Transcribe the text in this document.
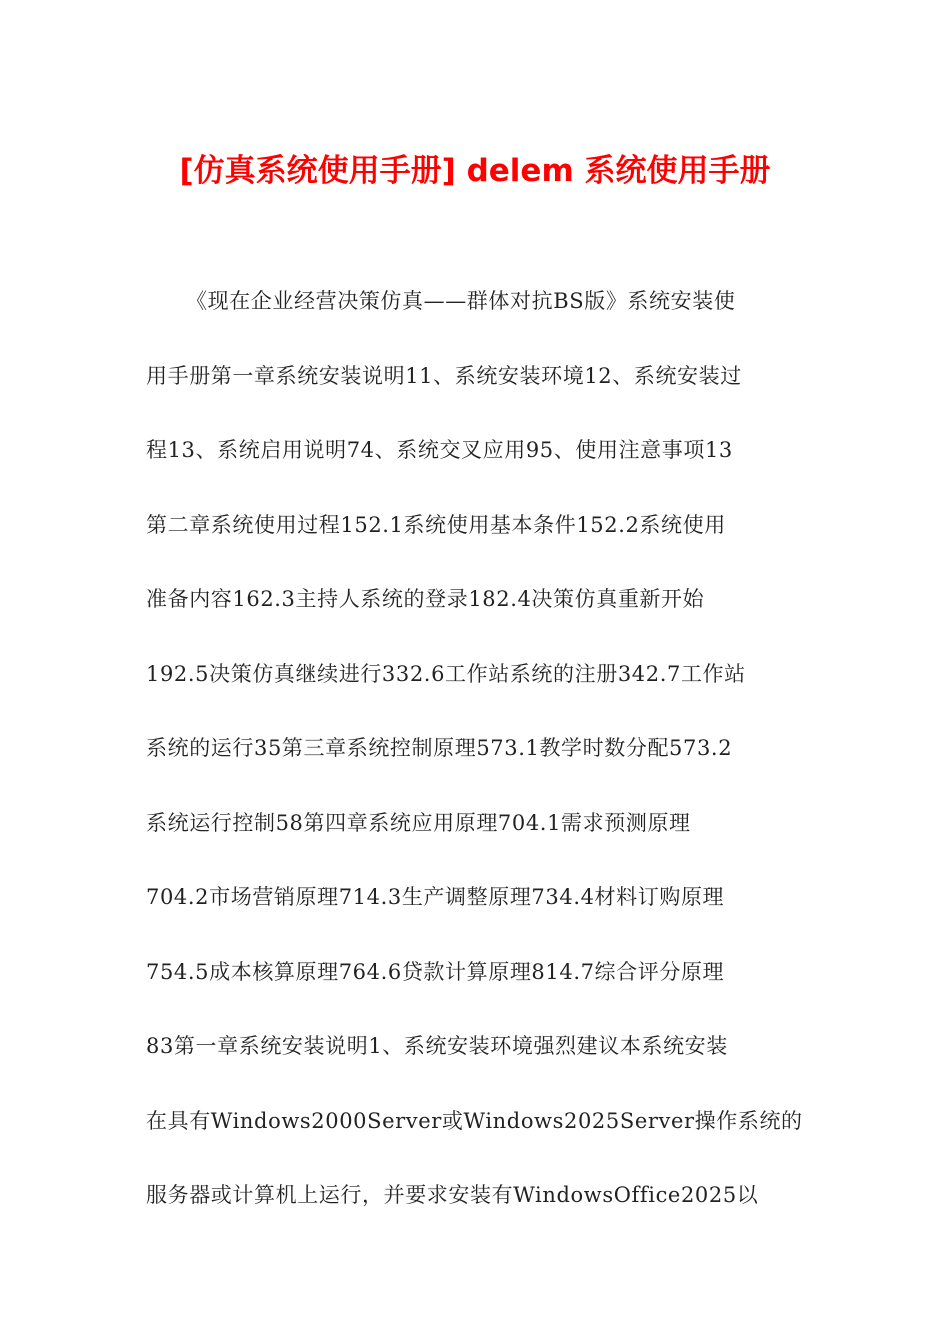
[仿真系统使用手册] delem 系统使用手册
《现在企业经营决策仿真——群体对抗BS版》系统安装使
用手册第一章系统安装说明11、系统安装环境12、系统安装过
程13、系统启用说明74、系统交叉应用95、使用注意事项13
第二章系统使用过程152.1系统使用基本条件152.2系统使用
准备内容162.3主持人系统的登录182.4决策仿真重新开始
192.5决策仿真继续进行332.6工作站系统的注册342.7工作站
系统的运行35第三章系统控制原理573.1教学时数分配573.2
系统运行控制58第四章系统应用原理704.1需求预测原理
704.2市场营销原理714.3生产调整原理734.4材料订购原理
754.5成本核算原理764.6贷款计算原理814.7综合评分原理
83第一章系统安装说明1、系统安装环境强烈建议本系统安装
在具有Windows2000Server或Windows2025Server操作系统的
服务器或计算机上运行，并要求安装有WindowsOffice2025以
